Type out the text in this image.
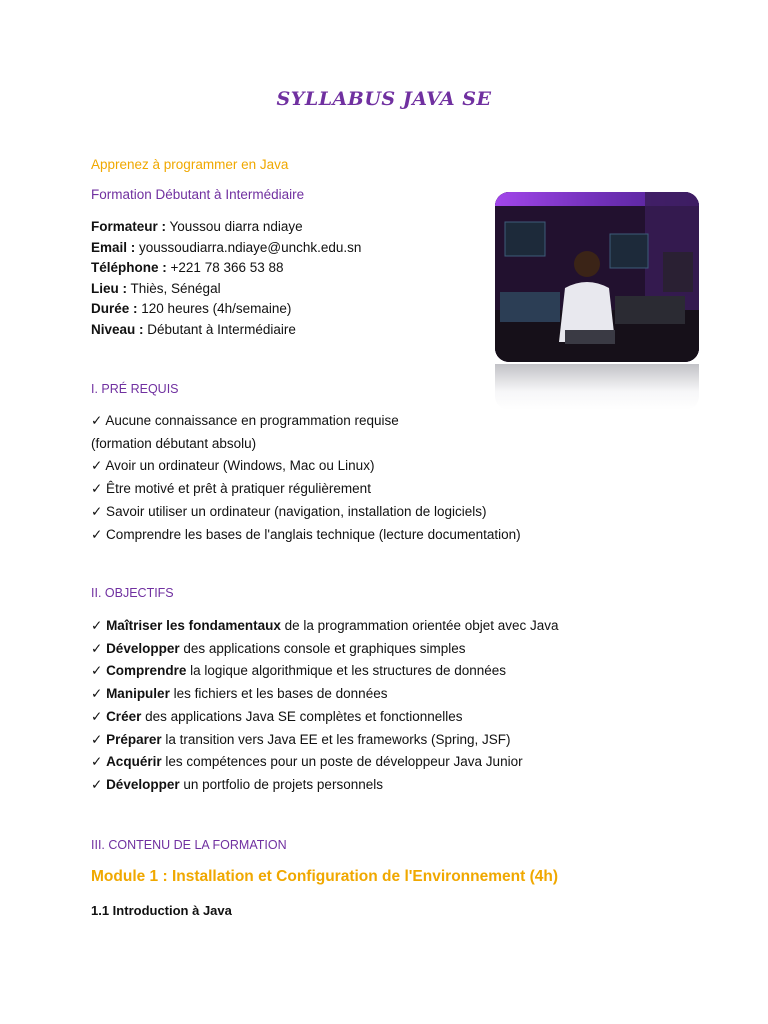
SYLLABUS JAVA SE
Apprenez à programmer en Java
Formation Débutant à Intermédiaire
Formateur : Youssou diarra ndiaye
Email : youssoudiarra.ndiaye@unchk.edu.sn
Téléphone : +221 78 366 53 88
Lieu : Thiès, Sénégal
Durée : 120 heures (4h/semaine)
Niveau : Débutant à Intermédiaire
I. PRÉ REQUIS
✓ Aucune connaissance en programmation requise
(formation débutant absolu)
✓ Avoir un ordinateur (Windows, Mac ou Linux)
✓ Être motivé et prêt à pratiquer régulièrement
✓ Savoir utiliser un ordinateur (navigation, installation de logiciels)
✓ Comprendre les bases de l'anglais technique (lecture documentation)
II. OBJECTIFS
✓ Maîtriser les fondamentaux de la programmation orientée objet avec Java
✓ Développer des applications console et graphiques simples
✓ Comprendre la logique algorithmique et les structures de données
✓ Manipuler les fichiers et les bases de données
✓ Créer des applications Java SE complètes et fonctionnelles
✓ Préparer la transition vers Java EE et les frameworks (Spring, JSF)
✓ Acquérir les compétences pour un poste de développeur Java Junior
✓ Développer un portfolio de projets personnels
III. CONTENU DE LA FORMATION
Module 1 : Installation et Configuration de l'Environnement (4h)
1.1 Introduction à Java
